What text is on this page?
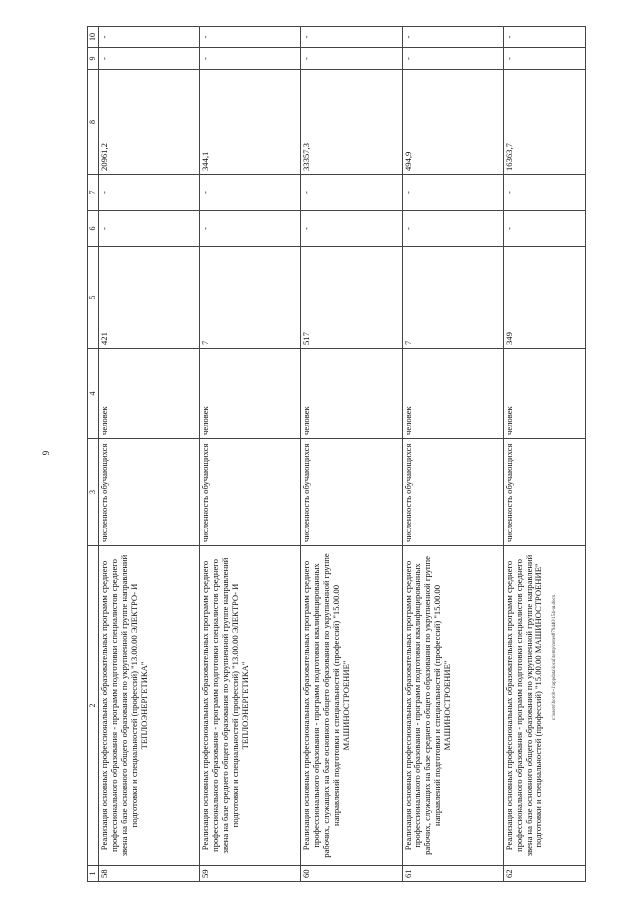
9
1	2	3	4	5	6	7	8	9	10
58	Реализация основных профессиональных образовательных программ среднего профессионального образования - программ подготовки специалистов среднего звена на базе основного общего образования по укрупненной группе направлений подготовки и специальностей (профессий) "13.00.00 ЭЛЕКТРО- И ТЕПЛОЭНЕРГЕТИКА"	численность обучающихся	человек	421	-	-	20961,2	-	-
59	Реализация основных профессиональных образовательных программ среднего профессионального образования - программ подготовки специалистов среднего звена на базе среднего общего образования по укрупненной группе направлений подготовки и специальностей (профессий) "13.00.00 ЭЛЕКТРО- И ТЕПЛОЭНЕРГЕТИКА"	численность обучающихся	человек	7	-	-	344,1	-	-
60	Реализация основных профессиональных образовательных программ среднего профессионального образования - программ подготовки квалифицированных рабочих, служащих на базе основного общего образования по укрупненной группе направлений подготовки и специальностей (профессий) "15.00.00 МАШИНОСТРОЕНИЕ"	численность обучающихся	человек	517	-	-	33357,3	-	-
61	Реализация основных профессиональных образовательных программ среднего профессионального образования - программ подготовки квалифицированных рабочих, служащих на базе среднего общего образования по укрупненной группе направлений подготовки и специальностей (профессий) "15.00.00 МАШИНОСТРОЕНИЕ"	численность обучающихся	человек	7	-	-	494,9	-	-
62	Реализация основных профессиональных образовательных программ среднего профессионального образования - программ подготовки специалистов среднего звена на базе основного общего образования по укрупненной группе направлений подготовки и специальностей (профессий) "15.00.00 МАШИНОСТРОЕНИЕ"	численность обучающихся	человек	349	-	-	16363,7	-	-
c:\users\borob~1\appdata\local\temp\notes879440\154-ш.docx
